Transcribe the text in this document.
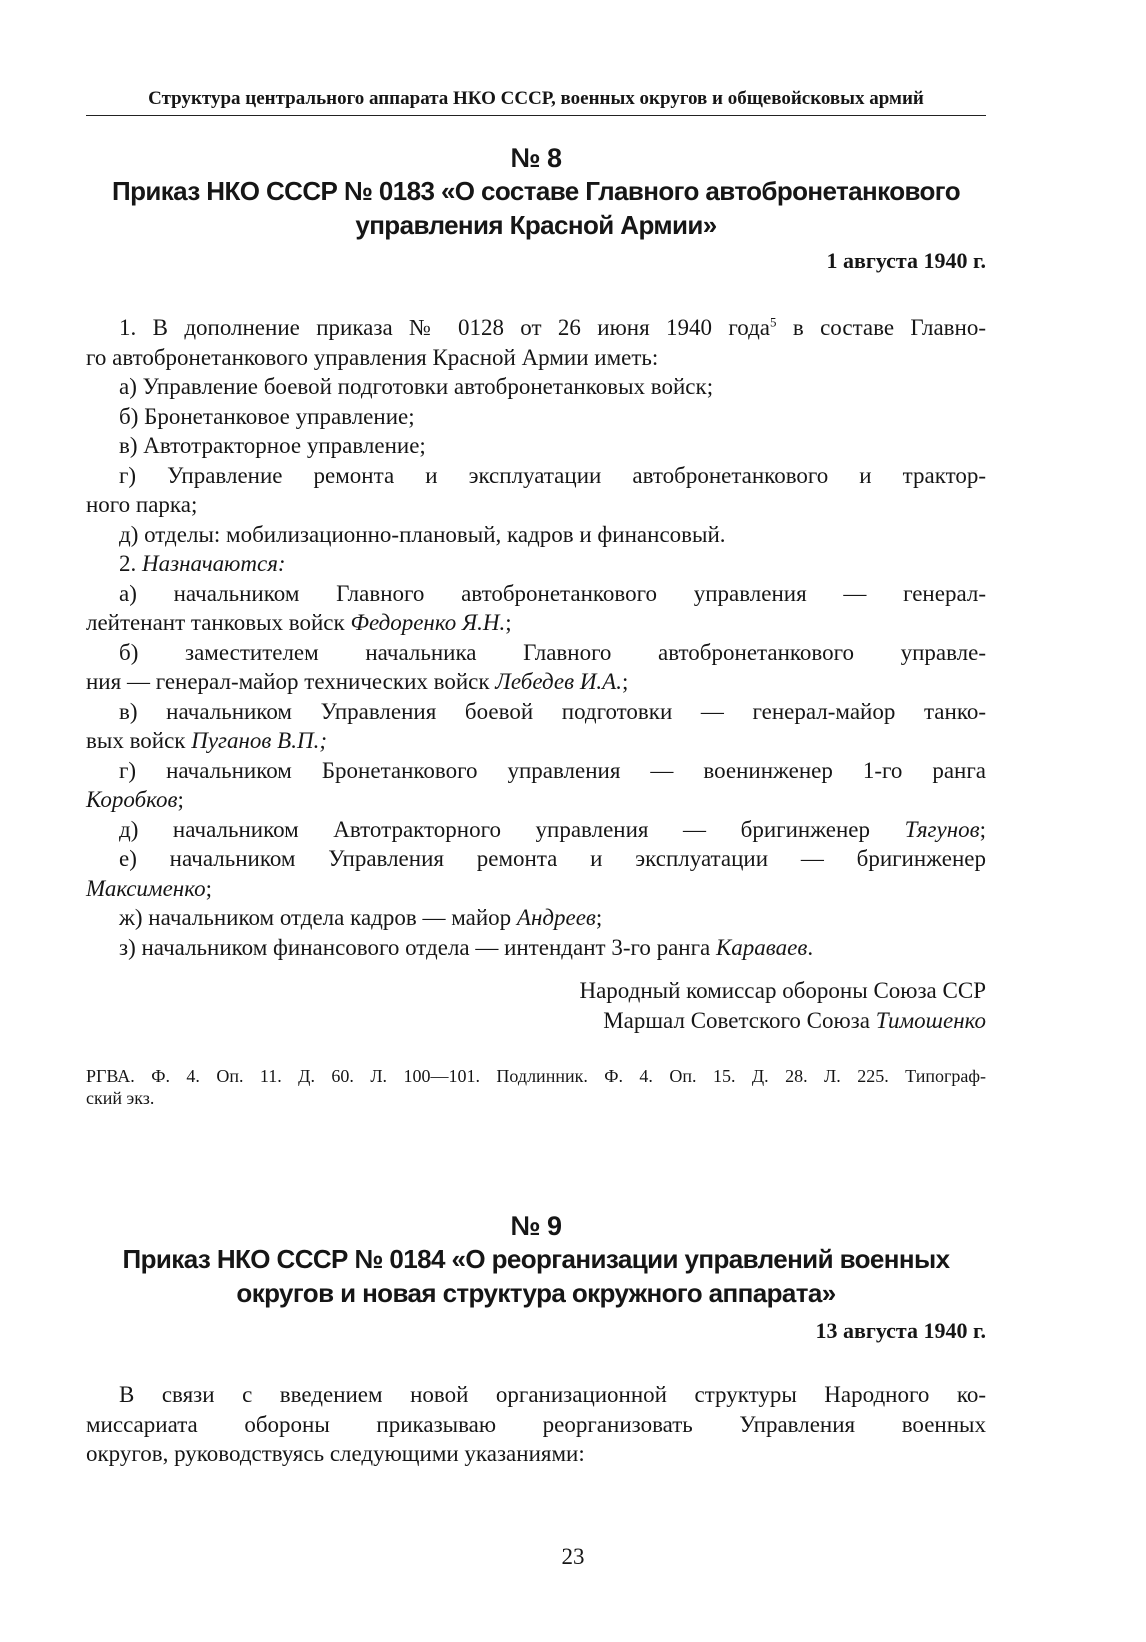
Структура центрального аппарата НКО СССР, военных округов и общевойсковых армий
№ 8
Приказ НКО СССР № 0183 «О составе Главного автобронетанкового
управления Красной Армии»
1 августа 1940 г.
1. В дополнение приказа № 0128 от 26 июня 1940 года$^5$ в составе Главно-
го автобронетанкового управления Красной Армии иметь:
а) Управление боевой подготовки автобронетанковых войск;
б) Бронетанковое управление;
в) Автотракторное управление;
г) Управление ремонта и эксплуатации автобронетанкового и трактор-
ного парка;
д) отделы: мобилизационно-плановый, кадров и финансовый.
2. Назначаются:
а) начальником Главного автобронетанкового управления — генерал-
лейтенант танковых войск Федоренко Я.Н.;
б) заместителем начальника Главного автобронетанкового управле-
ния — генерал-майор технических войск Лебедев И.А.;
в) начальником Управления боевой подготовки — генерал-майор танко-
вых войск Пуганов В.П.;
г) начальником Бронетанкового управления — военинженер 1-го ранга
Коробков;
д) начальником Автотракторного управления — бригинженер Тягунов;
е) начальником Управления ремонта и эксплуатации — бригинженер
Максименко;
ж) начальником отдела кадров — майор Андреев;
з) начальником финансового отдела — интендант 3-го ранга Караваев.
Народный комиссар обороны Союза ССР
Маршал Советского Союза Тимошенко
РГВА. Ф. 4. Оп. 11. Д. 60. Л. 100—101. Подлинник. Ф. 4. Оп. 15. Д. 28. Л. 225. Типограф-
ский экз.
№ 9
Приказ НКО СССР № 0184 «О реорганизации управлений военных
округов и новая структура окружного аппарата»
13 августа 1940 г.
В связи с введением новой организационной структуры Народного ко-
миссариата обороны приказываю реорганизовать Управления военных
округов, руководствуясь следующими указаниями:
23
